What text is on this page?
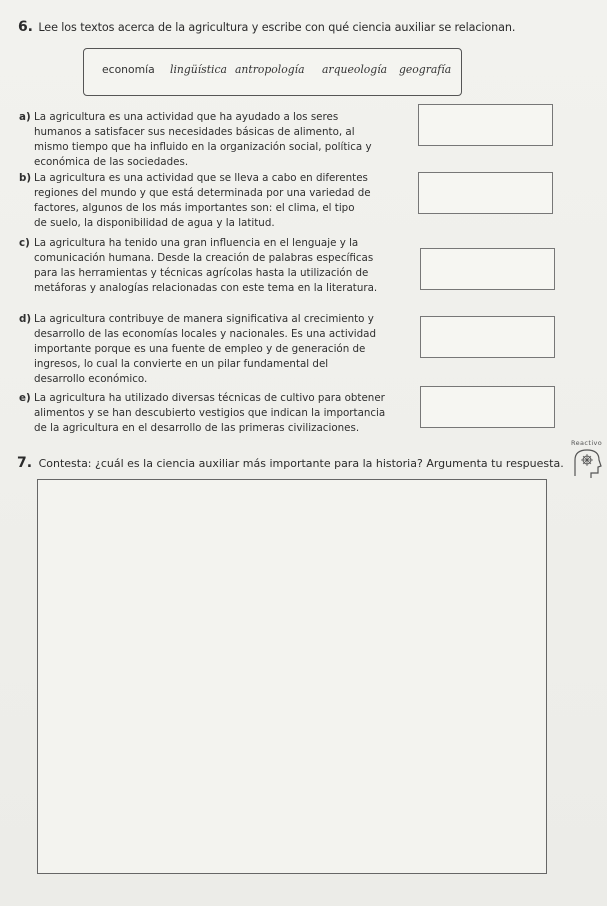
6. Lee los textos acerca de la agricultura y escribe con qué ciencia auxiliar se relacionan.
economía lingüística antropología arqueología geografía
a) La agricultura es una actividad que ha ayudado a los seres
humanos a satisfacer sus necesidades básicas de alimento, al
mismo tiempo que ha influido en la organización social, política y
económica de las sociedades.
b) La agricultura es una actividad que se lleva a cabo en diferentes
regiones del mundo y que está determinada por una variedad de
factores, algunos de los más importantes son: el clima, el tipo
de suelo, la disponibilidad de agua y la latitud.
c) La agricultura ha tenido una gran influencia en el lenguaje y la
comunicación humana. Desde la creación de palabras específicas
para las herramientas y técnicas agrícolas hasta la utilización de
metáforas y analogías relacionadas con este tema en la literatura.
d) La agricultura contribuye de manera significativa al crecimiento y
desarrollo de las economías locales y nacionales. Es una actividad
importante porque es una fuente de empleo y de generación de
ingresos, lo cual la convierte en un pilar fundamental del
desarrollo económico.
e) La agricultura ha utilizado diversas técnicas de cultivo para obtener
alimentos y se han descubierto vestigios que indican la importancia
de la agricultura en el desarrollo de las primeras civilizaciones.
7. Contesta: ¿cuál es la ciencia auxiliar más importante para la historia? Argumenta tu respuesta.
Reactivo
